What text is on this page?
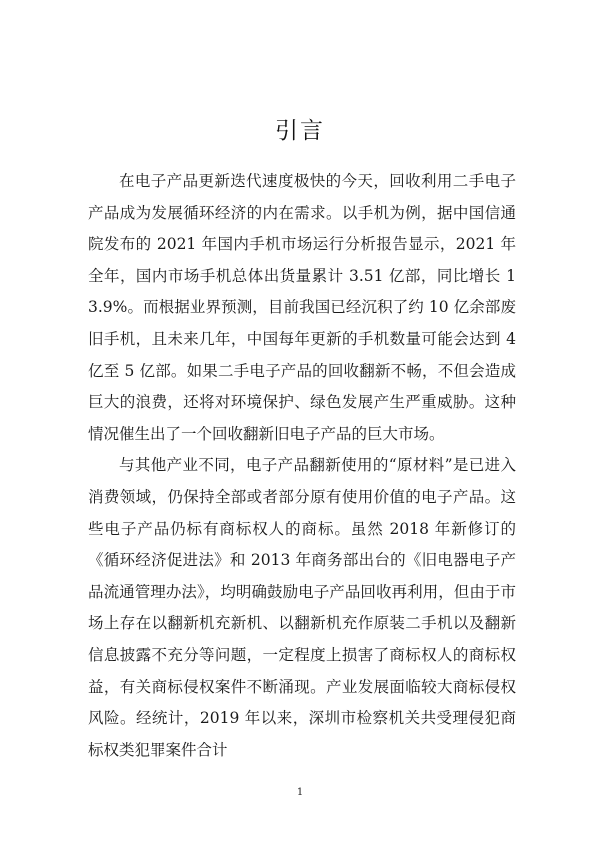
引言

在电子产品更新迭代速度极快的今天，回收利用二手电子产品成为发展循环经济的内在需求。以手机为例，据中国信通院发布的 2021 年国内手机市场运行分析报告显示，2021 年全年，国内市场手机总体出货量累计 3.51 亿部，同比增长 13.9%。而根据业界预测，目前我国已经沉积了约 10 亿余部废旧手机，且未来几年，中国每年更新的手机数量可能会达到 4 亿至 5 亿部。如果二手电子产品的回收翻新不畅，不但会造成巨大的浪费，还将对环境保护、绿色发展产生严重威胁。这种情况催生出了一个回收翻新旧电子产品的巨大市场。

与其他产业不同，电子产品翻新使用的“原材料”是已进入消费领域，仍保持全部或者部分原有使用价值的电子产品。这些电子产品仍标有商标权人的商标。虽然 2018 年新修订的《循环经济促进法》和 2013 年商务部出台的《旧电器电子产品流通管理办法》，均明确鼓励电子产品回收再利用，但由于市场上存在以翻新机充新机、以翻新机充作原装二手机以及翻新信息披露不充分等问题，一定程度上损害了商标权人的商标权益，有关商标侵权案件不断涌现。产业发展面临较大商标侵权风险。经统计，2019 年以来，深圳市检察机关共受理侵犯商标权类犯罪案件合计

1
